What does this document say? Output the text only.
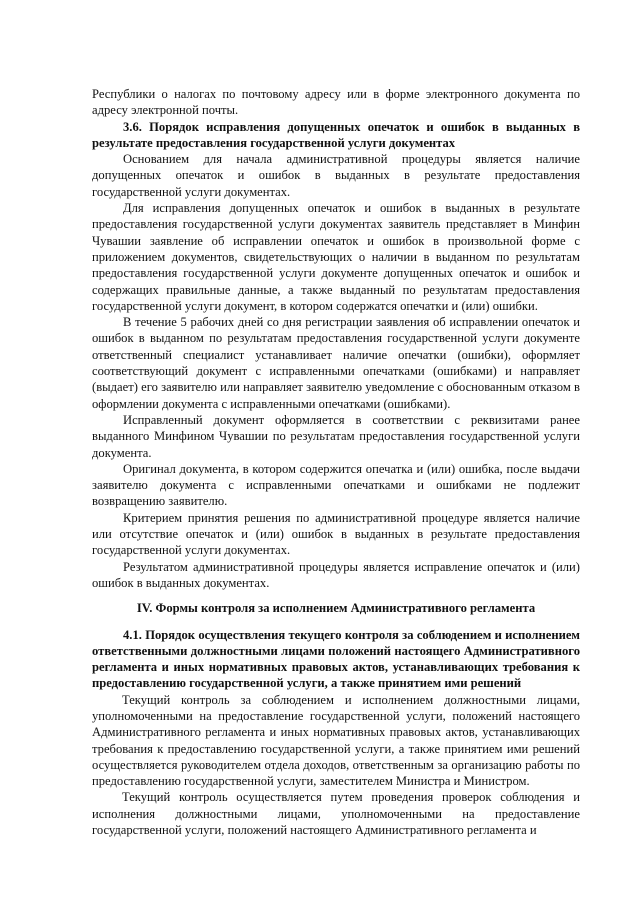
Республики о налогах по почтовому адресу или в форме электронного документа по адресу электронной почты.

3.6. Порядок исправления допущенных опечаток и ошибок в выданных в результате предоставления государственной услуги документах

Основанием для начала административной процедуры является наличие допущенных опечаток и ошибок в выданных в результате предоставления государственной услуги документах.

Для исправления допущенных опечаток и ошибок в выданных в результате предоставления государственной услуги документах заявитель представляет в Минфин Чувашии заявление об исправлении опечаток и ошибок в произвольной форме с приложением документов, свидетельствующих о наличии в выданном по результатам предоставления государственной услуги документе допущенных опечаток и ошибок и содержащих правильные данные, а также выданный по результатам предоставления государственной услуги документ, в котором содержатся опечатки и (или) ошибки.

В течение 5 рабочих дней со дня регистрации заявления об исправлении опечаток и ошибок в выданном по результатам предоставления государственной услуги документе ответственный специалист устанавливает наличие опечатки (ошибки), оформляет соответствующий документ с исправленными опечатками (ошибками) и направляет (выдает) его заявителю или направляет заявителю уведомление с обоснованным отказом в оформлении документа с исправленными опечатками (ошибками).

Исправленный документ оформляется в соответствии с реквизитами ранее выданного Минфином Чувашии по результатам предоставления государственной услуги документа.

Оригинал документа, в котором содержится опечатка и (или) ошибка, после выдачи заявителю документа с исправленными опечатками и ошибками не подлежит возвращению заявителю.

Критерием принятия решения по административной процедуре является наличие или отсутствие опечаток и (или) ошибок в выданных в результате предоставления государственной услуги документах.

Результатом административной процедуры является исправление опечаток и (или) ошибок в выданных документах.

IV. Формы контроля за исполнением Административного регламента

4.1. Порядок осуществления текущего контроля за соблюдением и исполнением ответственными должностными лицами положений настоящего Административного регламента и иных нормативных правовых актов, устанавливающих требования к предоставлению государственной услуги, а также принятием ими решений

Текущий контроль за соблюдением и исполнением должностными лицами, уполномоченными на предоставление государственной услуги, положений настоящего Административного регламента и иных нормативных правовых актов, устанавливающих требования к предоставлению государственной услуги, а также принятием ими решений осуществляется руководителем отдела доходов, ответственным за организацию работы по предоставлению государственной услуги, заместителем Министра и Министром.

Текущий контроль осуществляется путем проведения проверок соблюдения и исполнения должностными лицами, уполномоченными на предоставление государственной услуги, положений настоящего Административного регламента и
